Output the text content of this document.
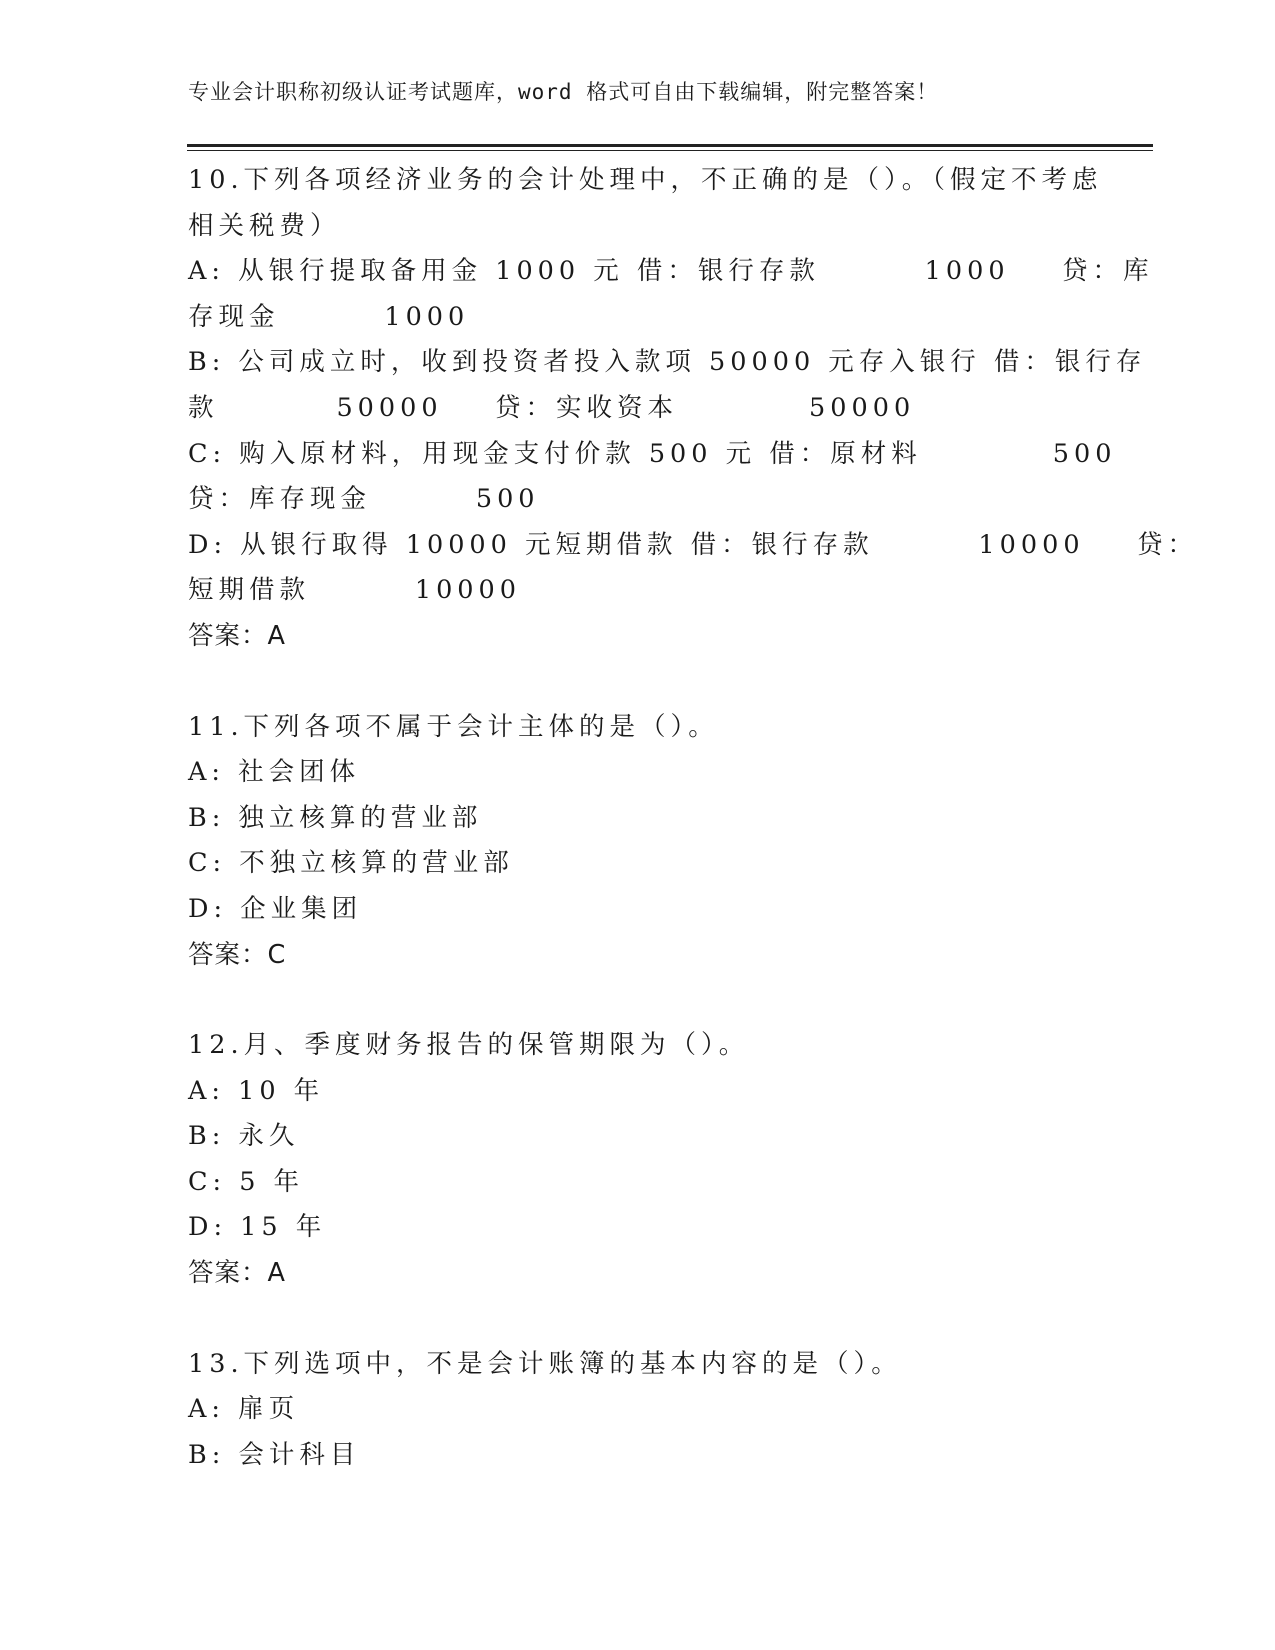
专业会计职称初级认证考试题库，word 格式可自由下载编辑，附完整答案！
10.下列各项经济业务的会计处理中，不正确的是（）。（假定不考虑
相关税费）
A: 从银行提取备用金 1000 元 借：银行存款        1000    贷：库
存现金        1000
B: 公司成立时，收到投资者投入款项 50000 元存入银行 借：银行存
款         50000    贷：实收资本          50000
C: 购入原材料，用现金支付价款 500 元 借：原材料          500
贷：库存现金        500
D: 从银行取得 10000 元短期借款 借：银行存款        10000    贷：
短期借款        10000
答案：A
11.下列各项不属于会计主体的是（）。
A: 社会团体
B: 独立核算的营业部
C: 不独立核算的营业部
D: 企业集团
答案：C
12.月、季度财务报告的保管期限为（）。
A: 10 年
B: 永久
C: 5 年
D: 15 年
答案：A
13.下列选项中，不是会计账簿的基本内容的是（）。
A: 扉页
B: 会计科目
